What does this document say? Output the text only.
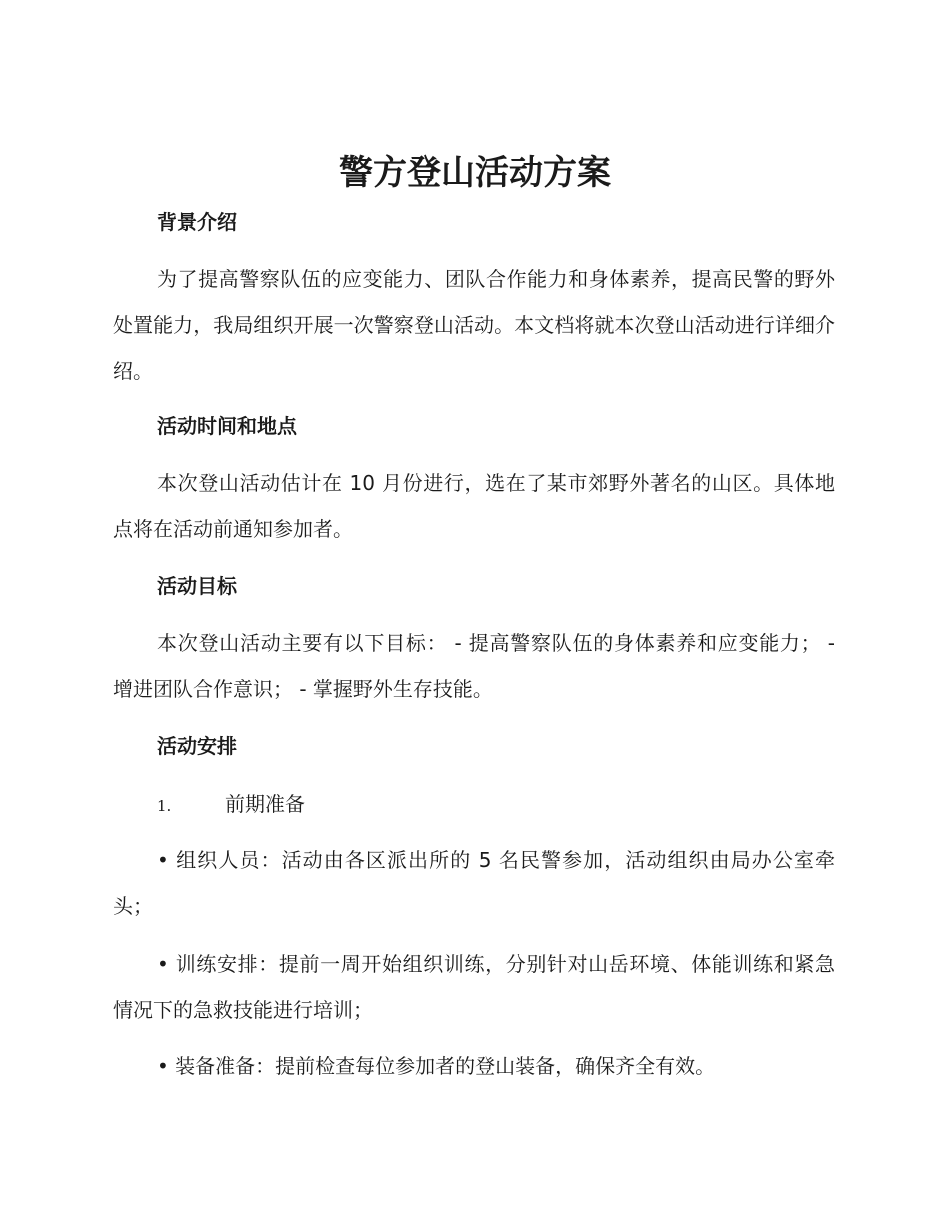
警方登山活动方案
背景介绍

为了提高警察队伍的应变能力、团队合作能力和身体素养，提高民警的野外处置能力，我局组织开展一次警察登山活动。本文档将就本次登山活动进行详细介绍。

活动时间和地点

本次登山活动估计在 10 月份进行，选在了某市郊野外著名的山区。具体地点将在活动前通知参加者。

活动目标

本次登山活动主要有以下目标： - 提高警察队伍的身体素养和应变能力； - 增进团队合作意识； - 掌握野外生存技能。

活动安排

1.	前期准备

• 组织人员：活动由各区派出所的 5 名民警参加，活动组织由局办公室牵头；

• 训练安排：提前一周开始组织训练，分别针对山岳环境、体能训练和紧急情况下的急救技能进行培训；

• 装备准备：提前检查每位参加者的登山装备，确保齐全有效。
